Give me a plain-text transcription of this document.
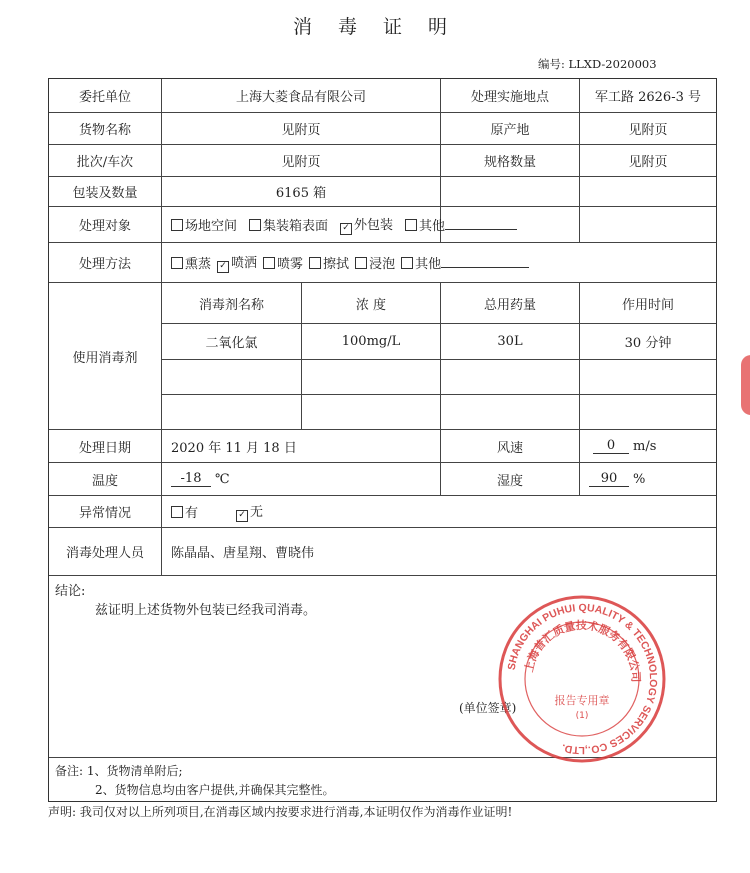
消 毒 证 明
编号: LLXD-2020003
委托单位	上海大菱食品有限公司	处理实施地点	军工路 2626-3 号
货物名称	见附页	原产地	见附页
批次/车次	见附页	规格数量	见附页
包装及数量	6165 箱
处理对象	场地空间	集装箱表面 ✓ 外包装	其他
处理方法	熏蒸 ✓ 喷洒	喷雾	擦拭	浸泡	其他
使用消毒剂
消毒剂名称	浓 度	总用药量	作用时间
二氧化氯	100mg/L	30L	30 分钟
处理日期	2020 年 11 月 18 日	风速	0	m/s
温度	-18	℃	湿度	90	%
异常情况	有	✓ 无
消毒处理人员	陈晶晶、唐星翔、曹晓伟
结论:
兹证明上述货物外包装已经我司消毒。
(单位签章)
备注: 1、货物清单附后;
2、货物信息均由客户提供,并确保其完整性。
声明: 我司仅对以上所列项目,在消毒区域内按要求进行消毒,本证明仅作为消毒作业证明!
SHANGHAI PUHUI QUALITY & TECHNOLOGY SERVICES CO.,LTD.
上海普汇质量技术服务有限公司
报告专用章
(1)
